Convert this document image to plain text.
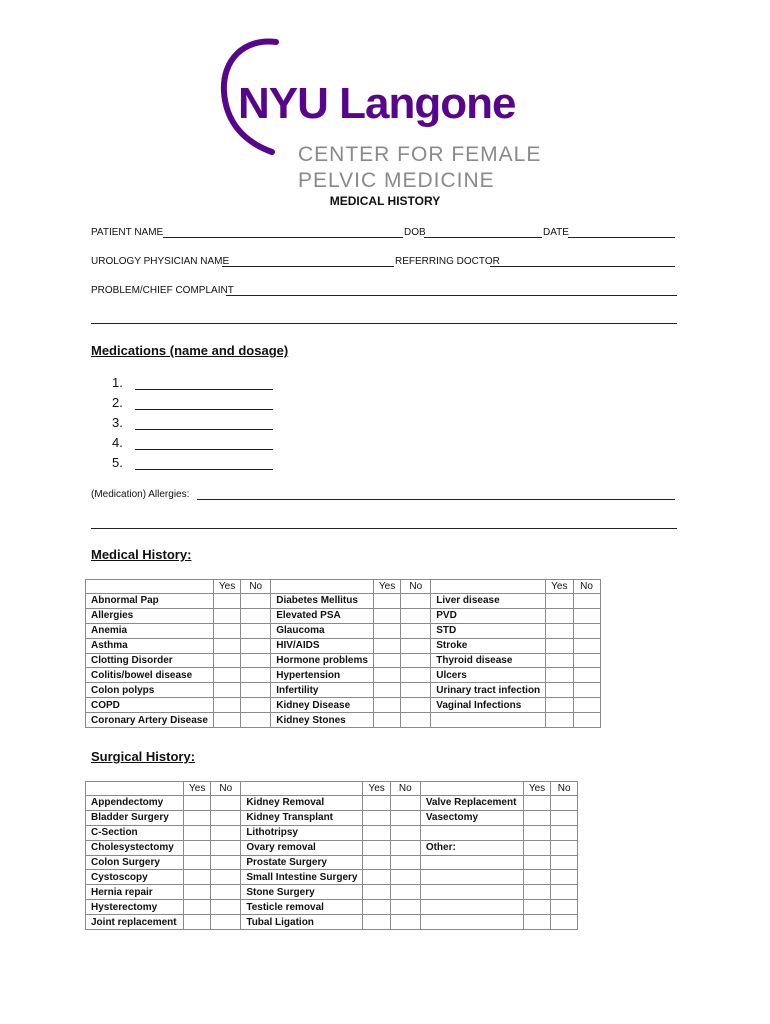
NYU Langone
CENTER FOR FEMALE
PELVIC MEDICINE
MEDICAL HISTORY
PATIENT NAME	DOB	DATE
UROLOGY PHYSICIAN NAME	REFERRING DOCTOR
PROBLEM/CHIEF COMPLAINT
Medications (name and dosage)
1.
2.
3.
4.
5.
(Medication) Allergies:
Medical History:
	Yes	No		Yes	No		Yes	No
Abnormal Pap			Diabetes Mellitus			Liver disease		
Allergies			Elevated PSA			PVD		
Anemia			Glaucoma			STD		
Asthma			HIV/AIDS			Stroke		
Clotting Disorder			Hormone problems			Thyroid disease		
Colitis/bowel disease			Hypertension			Ulcers		
Colon polyps			Infertility			Urinary tract infection		
COPD			Kidney Disease			Vaginal Infections		
Coronary Artery Disease			Kidney Stones					
Surgical History:
	Yes	No		Yes	No		Yes	No
Appendectomy			Kidney Removal			Valve Replacement		
Bladder Surgery			Kidney Transplant			Vasectomy		
C-Section			Lithotripsy					
Cholesystectomy			Ovary removal			Other:		
Colon Surgery			Prostate Surgery					
Cystoscopy			Small Intestine Surgery					
Hernia repair			Stone Surgery					
Hysterectomy			Testicle removal					
Joint replacement			Tubal Ligation					
